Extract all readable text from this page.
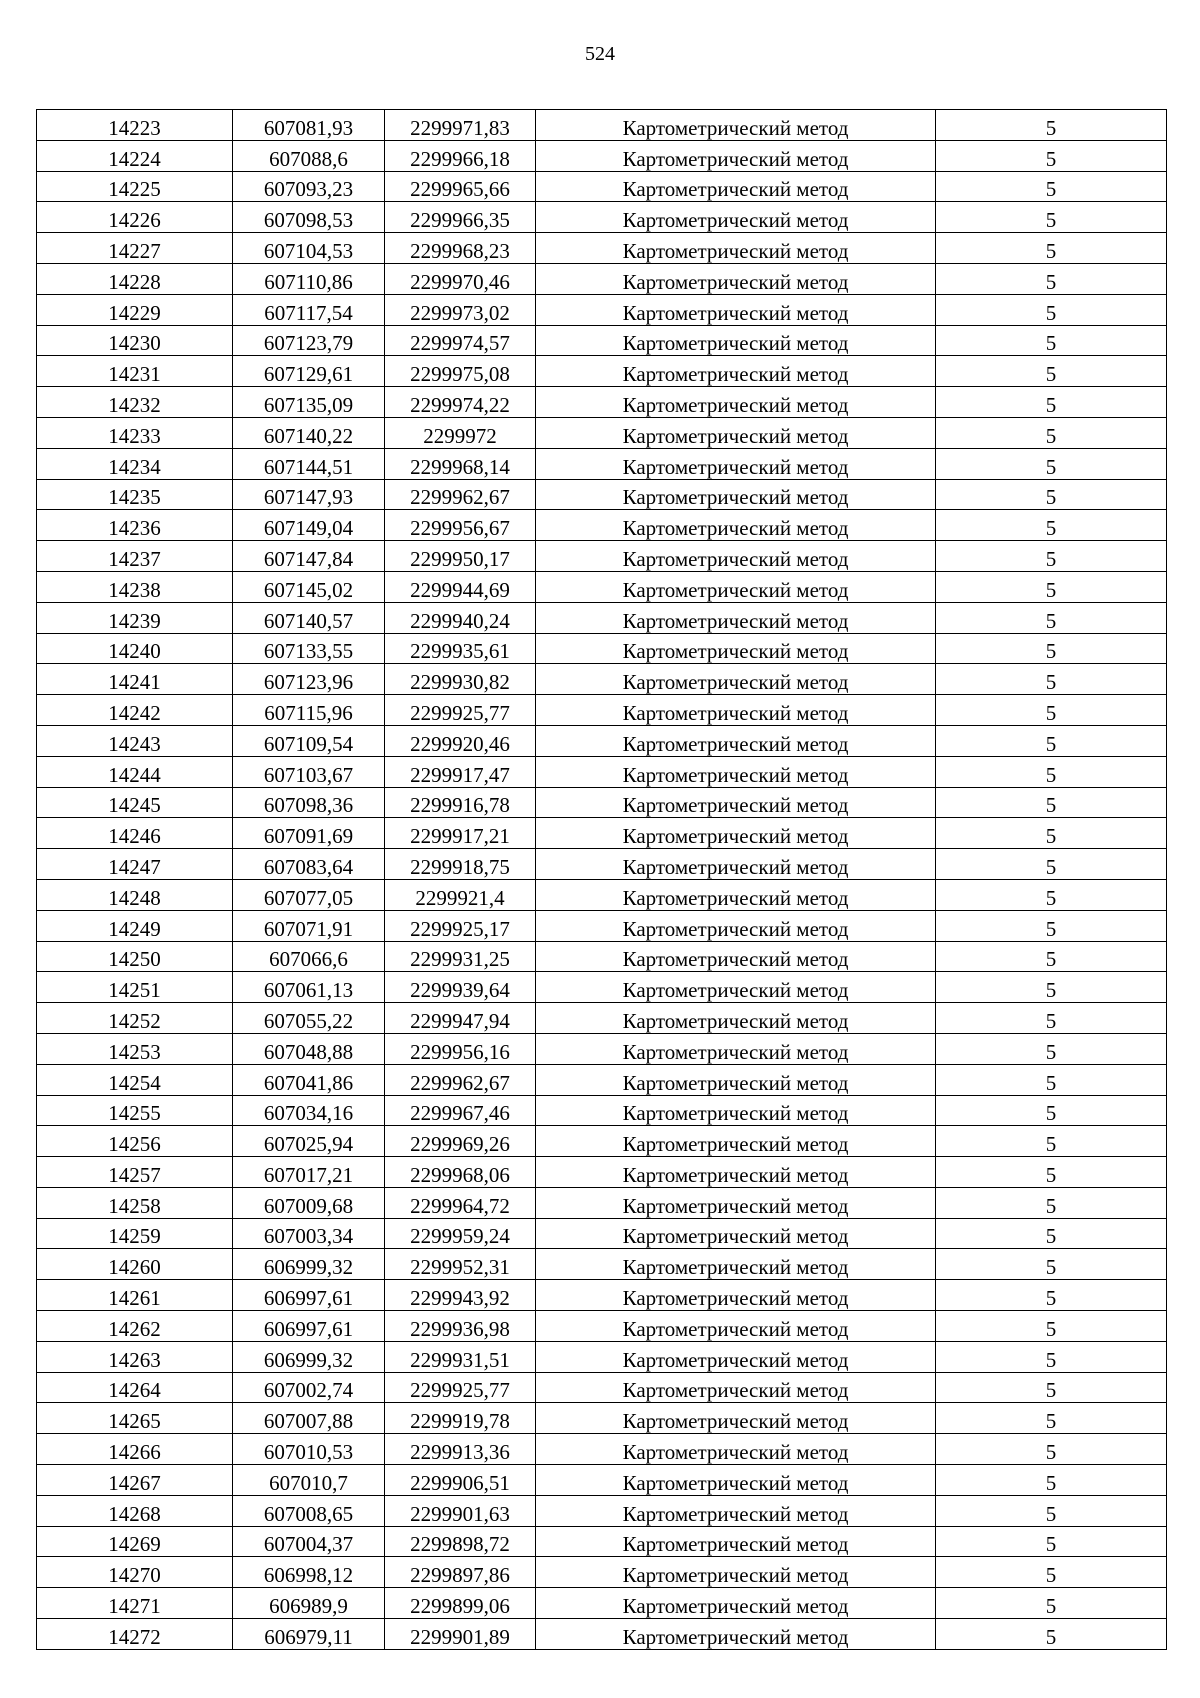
524
14223	607081,93	2299971,83	Картометрический метод	5
14224	607088,6	2299966,18	Картометрический метод	5
14225	607093,23	2299965,66	Картометрический метод	5
14226	607098,53	2299966,35	Картометрический метод	5
14227	607104,53	2299968,23	Картометрический метод	5
14228	607110,86	2299970,46	Картометрический метод	5
14229	607117,54	2299973,02	Картометрический метод	5
14230	607123,79	2299974,57	Картометрический метод	5
14231	607129,61	2299975,08	Картометрический метод	5
14232	607135,09	2299974,22	Картометрический метод	5
14233	607140,22	2299972	Картометрический метод	5
14234	607144,51	2299968,14	Картометрический метод	5
14235	607147,93	2299962,67	Картометрический метод	5
14236	607149,04	2299956,67	Картометрический метод	5
14237	607147,84	2299950,17	Картометрический метод	5
14238	607145,02	2299944,69	Картометрический метод	5
14239	607140,57	2299940,24	Картометрический метод	5
14240	607133,55	2299935,61	Картометрический метод	5
14241	607123,96	2299930,82	Картометрический метод	5
14242	607115,96	2299925,77	Картометрический метод	5
14243	607109,54	2299920,46	Картометрический метод	5
14244	607103,67	2299917,47	Картометрический метод	5
14245	607098,36	2299916,78	Картометрический метод	5
14246	607091,69	2299917,21	Картометрический метод	5
14247	607083,64	2299918,75	Картометрический метод	5
14248	607077,05	2299921,4	Картометрический метод	5
14249	607071,91	2299925,17	Картометрический метод	5
14250	607066,6	2299931,25	Картометрический метод	5
14251	607061,13	2299939,64	Картометрический метод	5
14252	607055,22	2299947,94	Картометрический метод	5
14253	607048,88	2299956,16	Картометрический метод	5
14254	607041,86	2299962,67	Картометрический метод	5
14255	607034,16	2299967,46	Картометрический метод	5
14256	607025,94	2299969,26	Картометрический метод	5
14257	607017,21	2299968,06	Картометрический метод	5
14258	607009,68	2299964,72	Картометрический метод	5
14259	607003,34	2299959,24	Картометрический метод	5
14260	606999,32	2299952,31	Картометрический метод	5
14261	606997,61	2299943,92	Картометрический метод	5
14262	606997,61	2299936,98	Картометрический метод	5
14263	606999,32	2299931,51	Картометрический метод	5
14264	607002,74	2299925,77	Картометрический метод	5
14265	607007,88	2299919,78	Картометрический метод	5
14266	607010,53	2299913,36	Картометрический метод	5
14267	607010,7	2299906,51	Картометрический метод	5
14268	607008,65	2299901,63	Картометрический метод	5
14269	607004,37	2299898,72	Картометрический метод	5
14270	606998,12	2299897,86	Картометрический метод	5
14271	606989,9	2299899,06	Картометрический метод	5
14272	606979,11	2299901,89	Картометрический метод	5
